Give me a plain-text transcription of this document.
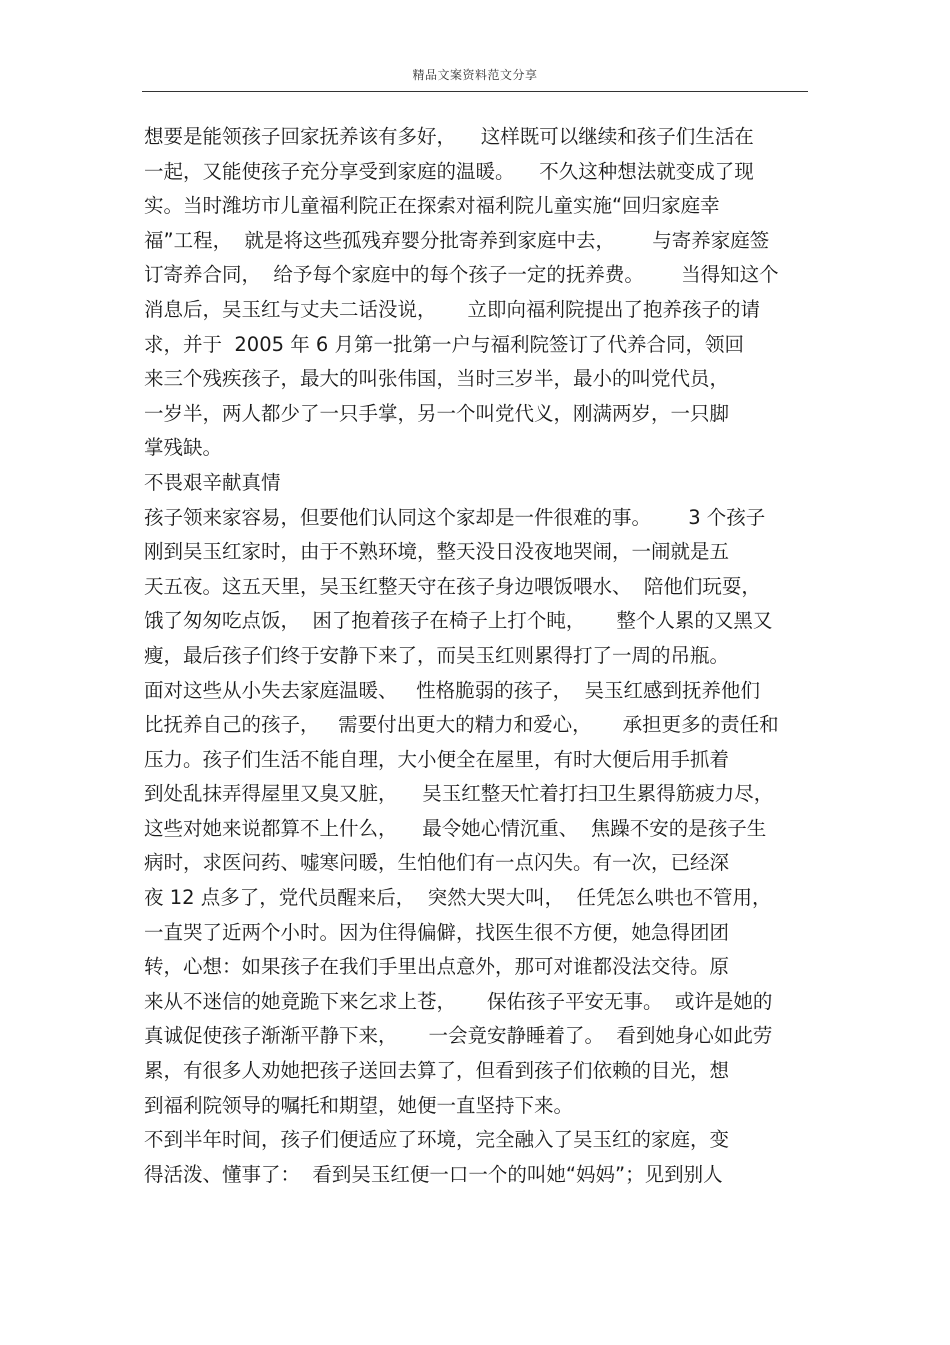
精品文案资料范文分享
想要是能领孩子回家抚养该有多好，    这样既可以继续和孩子们生活在
一起，又能使孩子充分享受到家庭的温暖。    不久这种想法就变成了现
实。当时潍坊市儿童福利院正在探索对福利院儿童实施“回归家庭幸
福”工程，  就是将这些孤残弃婴分批寄养到家庭中去，      与寄养家庭签
订寄养合同，  给予每个家庭中的每个孩子一定的抚养费。      当得知这个
消息后，吴玉红与丈夫二话没说，     立即向福利院提出了抱养孩子的请
求，并于  2005 年 6 月第一批第一户与福利院签订了代养合同，领回
来三个残疾孩子，最大的叫张伟国，当时三岁半，最小的叫党代员，
一岁半，两人都少了一只手掌，另一个叫党代义，刚满两岁，一只脚
掌残缺。
不畏艰辛献真情
孩子领来家容易，但要他们认同这个家却是一件很难的事。      3 个孩子
刚到吴玉红家时，由于不熟环境，整天没日没夜地哭闹，一闹就是五
天五夜。这五天里，吴玉红整天守在孩子身边喂饭喂水、  陪他们玩耍，
饿了匆匆吃点饭，  困了抱着孩子在椅子上打个盹，     整个人累的又黑又
瘦，最后孩子们终于安静下来了，而吴玉红则累得打了一周的吊瓶。
面对这些从小失去家庭温暖、   性格脆弱的孩子，  吴玉红感到抚养他们
比抚养自己的孩子，   需要付出更大的精力和爱心，     承担更多的责任和
压力。孩子们生活不能自理，大小便全在屋里，有时大便后用手抓着
到处乱抹弄得屋里又臭又脏，    吴玉红整天忙着打扫卫生累得筋疲力尽，
这些对她来说都算不上什么，    最令她心情沉重、  焦躁不安的是孩子生
病时，求医问药、嘘寒问暖，生怕他们有一点闪失。有一次，已经深
夜 12 点多了，党代员醒来后，  突然大哭大叫，  任凭怎么哄也不管用，
一直哭了近两个小时。因为住得偏僻，找医生很不方便，她急得团团
转，心想：如果孩子在我们手里出点意外，那可对谁都没法交待。原
来从不迷信的她竟跪下来乞求上苍，     保佑孩子平安无事。  或许是她的
真诚促使孩子渐渐平静下来，     一会竟安静睡着了。  看到她身心如此劳
累，有很多人劝她把孩子送回去算了，但看到孩子们依赖的目光，想
到福利院领导的嘱托和期望，她便一直坚持下来。
不到半年时间，孩子们便适应了环境，完全融入了吴玉红的家庭，变
得活泼、懂事了：  看到吴玉红便一口一个的叫她“妈妈”；见到别人
